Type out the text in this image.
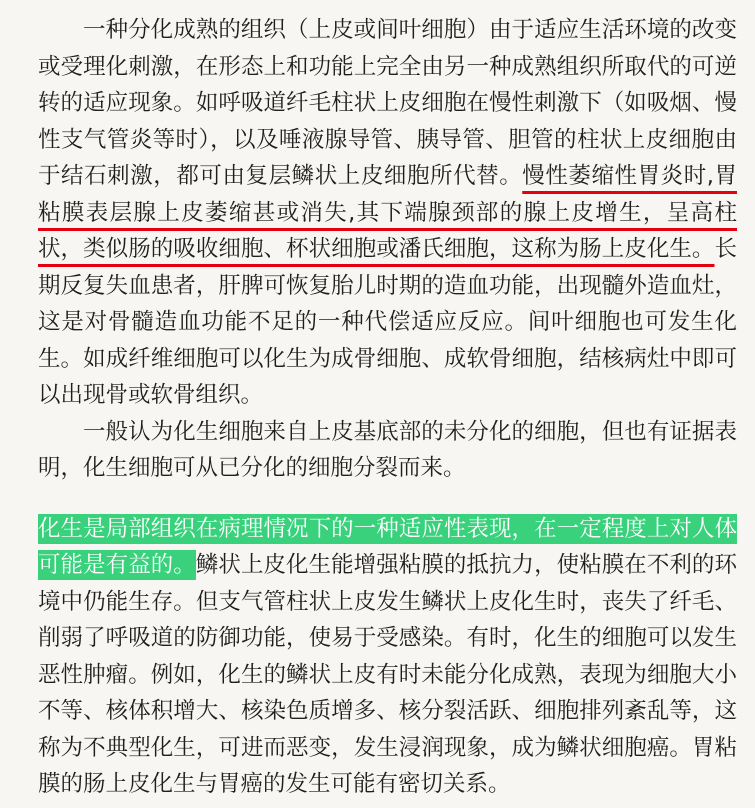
一种分化成熟的组织（上皮或间叶细胞）由于适应生活环境的改变或受理化刺激，在形态上和功能上完全由另一种成熟组织所取代的可逆转的适应现象。如呼吸道纤毛柱状上皮细胞在慢性刺激下（如吸烟、慢性支气管炎等时），以及唾液腺导管、胰导管、胆管的柱状上皮细胞由于结石刺激，都可由复层鳞状上皮细胞所代替。慢性萎缩性胃炎时,胃粘膜表层腺上皮萎缩甚或消失,其下端腺颈部的腺上皮增生，呈高柱状，类似肠的吸收细胞、杯状细胞或潘氏细胞，这称为肠上皮化生。长期反复失血患者，肝脾可恢复胎儿时期的造血功能，出现髓外造血灶，这是对骨髓造血功能不足的一种代偿适应反应。间叶细胞也可发生化生。如成纤维细胞可以化生为成骨细胞、成软骨细胞，结核病灶中即可以出现骨或软骨组织。

一般认为化生细胞来自上皮基底部的未分化的细胞，但也有证据表明，化生细胞可从已分化的细胞分裂而来。

化生是局部组织在病理情况下的一种适应性表现，在一定程度上对人体可能是有益的。鳞状上皮化生能增强粘膜的抵抗力，使粘膜在不利的环境中仍能生存。但支气管柱状上皮发生鳞状上皮化生时，丧失了纤毛、削弱了呼吸道的防御功能，使易于受感染。有时，化生的细胞可以发生恶性肿瘤。例如，化生的鳞状上皮有时未能分化成熟，表现为细胞大小不等、核体积增大、核染色质增多、核分裂活跃、细胞排列紊乱等，这称为不典型化生，可进而恶变，发生浸润现象，成为鳞状细胞癌。胃粘膜的肠上皮化生与胃癌的发生可能有密切关系。
